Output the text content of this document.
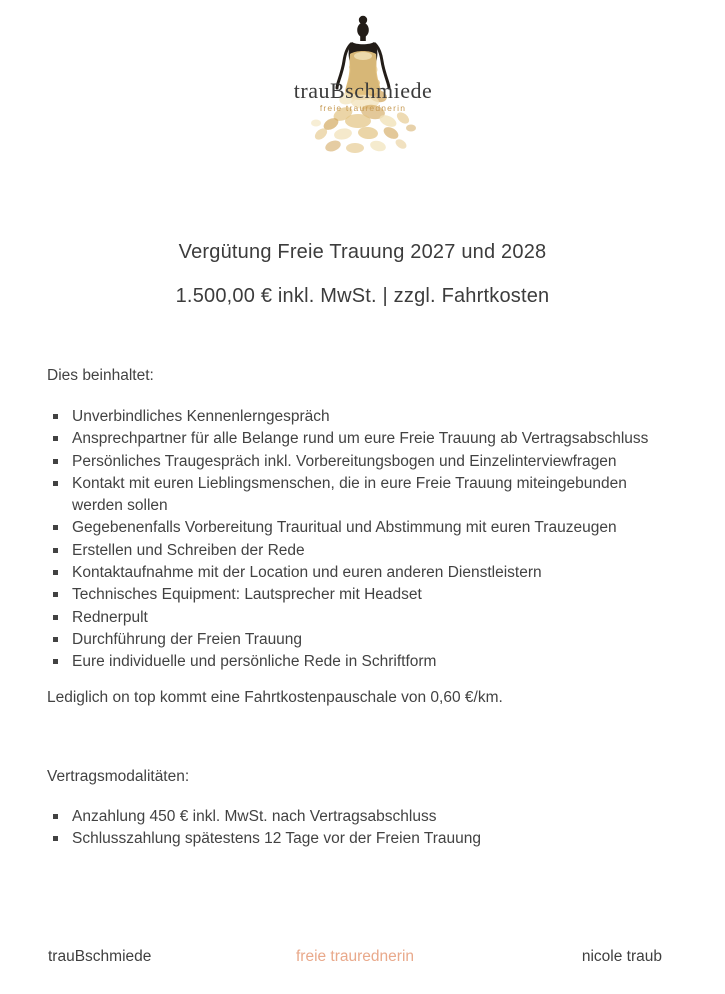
trauBschmiede
freie traurednerin
Vergütung Freie Trauung 2027 und 2028
1.500,00 € inkl. MwSt. | zzgl. Fahrtkosten

Dies beinhaltet:

Unverbindliches Kennenlerngespräch
Ansprechpartner für alle Belange rund um eure Freie Trauung ab Vertragsabschluss
Persönliches Traugespräch inkl. Vorbereitungsbogen und Einzelinterviewfragen
Kontakt mit euren Lieblingsmenschen, die in eure Freie Trauung miteingebunden werden sollen
Gegebenenfalls Vorbereitung Trauritual und Abstimmung mit euren Trauzeugen
Erstellen und Schreiben der Rede
Kontaktaufnahme mit der Location und euren anderen Dienstleistern
Technisches Equipment: Lautsprecher mit Headset
Rednerpult
Durchführung der Freien Trauung
Eure individuelle und persönliche Rede in Schriftform

Lediglich on top kommt eine Fahrtkostenpauschale von 0,60 €/km.

Vertragsmodalitäten:

Anzahlung 450 € inkl. MwSt. nach Vertragsabschluss
Schlusszahlung spätestens 12 Tage vor der Freien Trauung
trauBschmiede	freie traurednerin	nicole traub
